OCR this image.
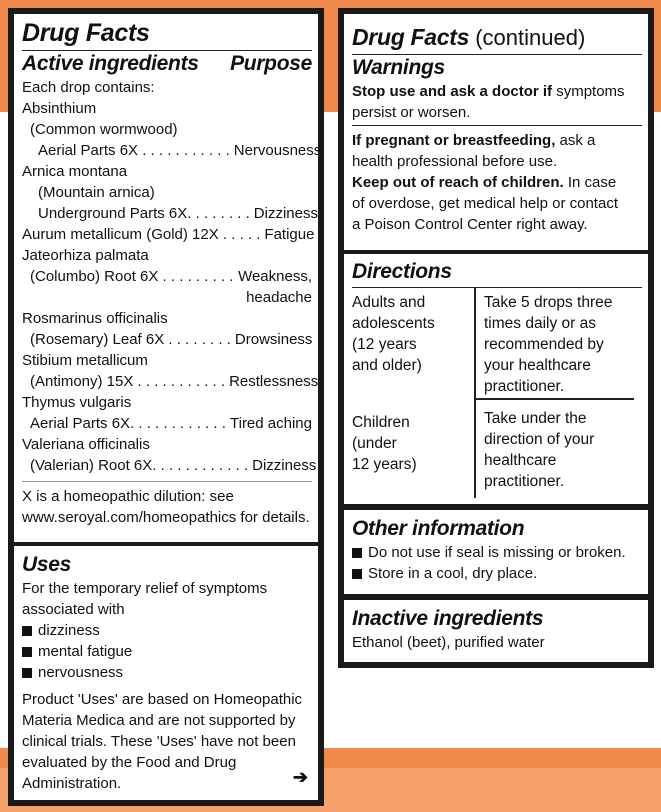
Drug Facts
Active ingredients Purpose
Each drop contains:
Absinthium
(Common wormwood)
Aerial Parts 6X . . . . . . . . . . . Nervousness
Arnica montana
(Mountain arnica)
Underground Parts 6X. . . . . . . . Dizziness
Aurum metallicum (Gold) 12X . . . . . Fatigue
Jateorhiza palmata
(Columbo) Root 6X . . . . . . . . . Weakness,
headache
Rosmarinus officinalis
(Rosemary) Leaf 6X . . . . . . . . Drowsiness
Stibium metallicum
(Antimony) 15X . . . . . . . . . . . Restlessness
Thymus vulgaris
Aerial Parts 6X. . . . . . . . . . . . Tired aching
Valeriana officinalis
(Valerian) Root 6X. . . . . . . . . . . . Dizziness
X is a homeopathic dilution: see
www.seroyal.com/homeopathics for details.
Uses
For the temporary relief of symptoms
associated with
dizziness
mental fatigue
nervousness
Product 'Uses' are based on Homeopathic
Materia Medica and are not supported by
clinical trials. These 'Uses' have not been
evaluated by the Food and Drug
Administration.	➔
Drug Facts (continued)
Warnings
Stop use and ask a doctor if symptoms
persist or worsen.
If pregnant or breastfeeding, ask a
health professional before use.
Keep out of reach of children. In case
of overdose, get medical help or contact
a Poison Control Center right away.
Directions
Adults and
adolescents
(12 years
and older)
Take 5 drops three
times daily or as
recommended by
your healthcare
practitioner.
Children
(under
12 years)
Take under the
direction of your
healthcare
practitioner.
Other information
Do not use if seal is missing or broken.
Store in a cool, dry place.
Inactive ingredients
Ethanol (beet), purified water
